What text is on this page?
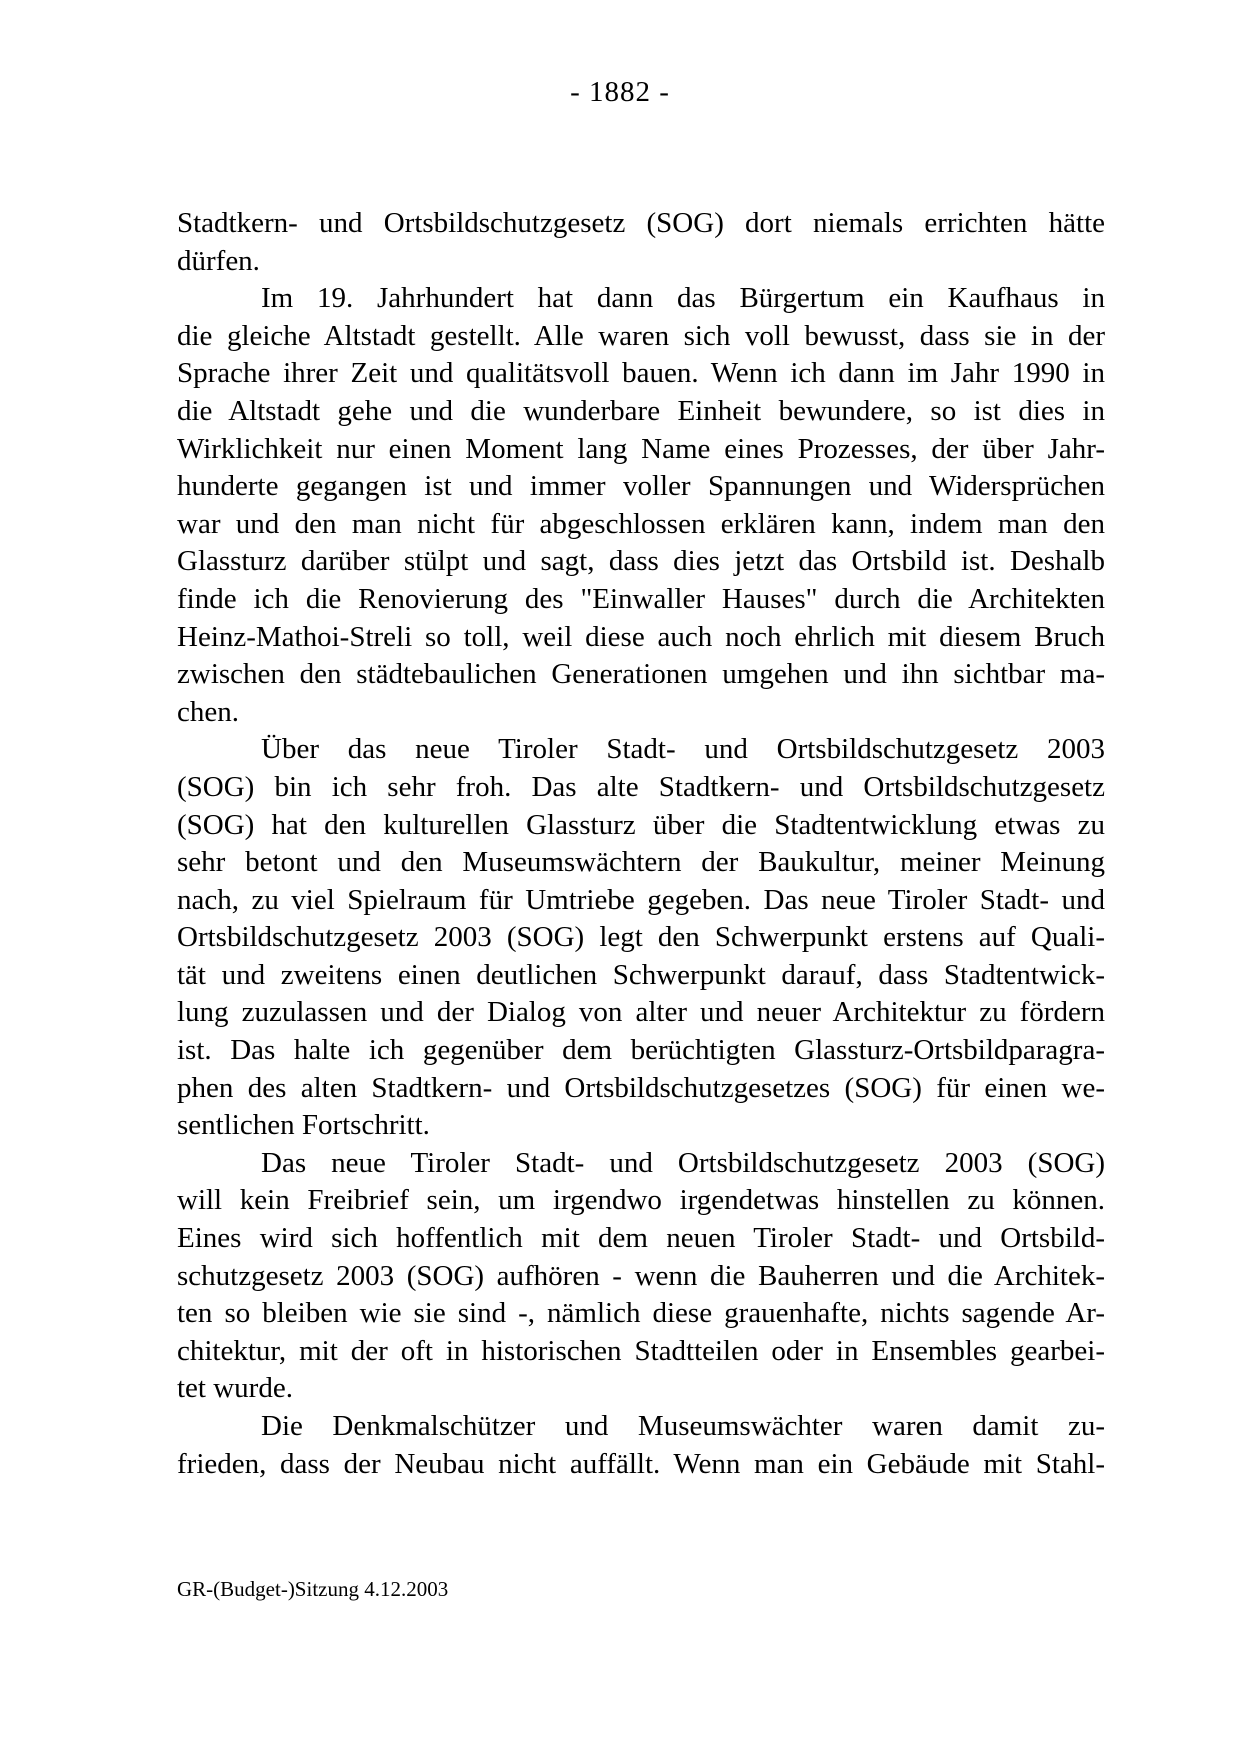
- 1882 -
Stadtkern- und Ortsbildschutzgesetz (SOG) dort niemals errichten hätte
dürfen.
Im 19. Jahrhundert hat dann das Bürgertum ein Kaufhaus in
die gleiche Altstadt gestellt. Alle waren sich voll bewusst, dass sie in der
Sprache ihrer Zeit und qualitätsvoll bauen. Wenn ich dann im Jahr 1990 in
die Altstadt gehe und die wunderbare Einheit bewundere, so ist dies in
Wirklichkeit nur einen Moment lang Name eines Prozesses, der über Jahr-
hunderte gegangen ist und immer voller Spannungen und Widersprüchen
war und den man nicht für abgeschlossen erklären kann, indem man den
Glassturz darüber stülpt und sagt, dass dies jetzt das Ortsbild ist. Deshalb
finde ich die Renovierung des "Einwaller Hauses" durch die Architekten
Heinz-Mathoi-Streli so toll, weil diese auch noch ehrlich mit diesem Bruch
zwischen den städtebaulichen Generationen umgehen und ihn sichtbar ma-
chen.
Über das neue Tiroler Stadt- und Ortsbildschutzgesetz 2003
(SOG) bin ich sehr froh. Das alte Stadtkern- und Ortsbildschutzgesetz
(SOG) hat den kulturellen Glassturz über die Stadtentwicklung etwas zu
sehr betont und den Museumswächtern der Baukultur, meiner Meinung
nach, zu viel Spielraum für Umtriebe gegeben. Das neue Tiroler Stadt- und
Ortsbildschutzgesetz 2003 (SOG) legt den Schwerpunkt erstens auf Quali-
tät und zweitens einen deutlichen Schwerpunkt darauf, dass Stadtentwick-
lung zuzulassen und der Dialog von alter und neuer Architektur zu fördern
ist. Das halte ich gegenüber dem berüchtigten Glassturz-Ortsbildparagra-
phen des alten Stadtkern- und Ortsbildschutzgesetzes (SOG) für einen we-
sentlichen Fortschritt.
Das neue Tiroler Stadt- und Ortsbildschutzgesetz 2003 (SOG)
will kein Freibrief sein, um irgendwo irgendetwas hinstellen zu können.
Eines wird sich hoffentlich mit dem neuen Tiroler Stadt- und Ortsbild-
schutzgesetz 2003 (SOG) aufhören - wenn die Bauherren und die Architek-
ten so bleiben wie sie sind -, nämlich diese grauenhafte, nichts sagende Ar-
chitektur, mit der oft in historischen Stadtteilen oder in Ensembles gearbei-
tet wurde.
Die Denkmalschützer und Museumswächter waren damit zu-
frieden, dass der Neubau nicht auffällt. Wenn man ein Gebäude mit Stahl-
GR-(Budget-)Sitzung 4.12.2003
